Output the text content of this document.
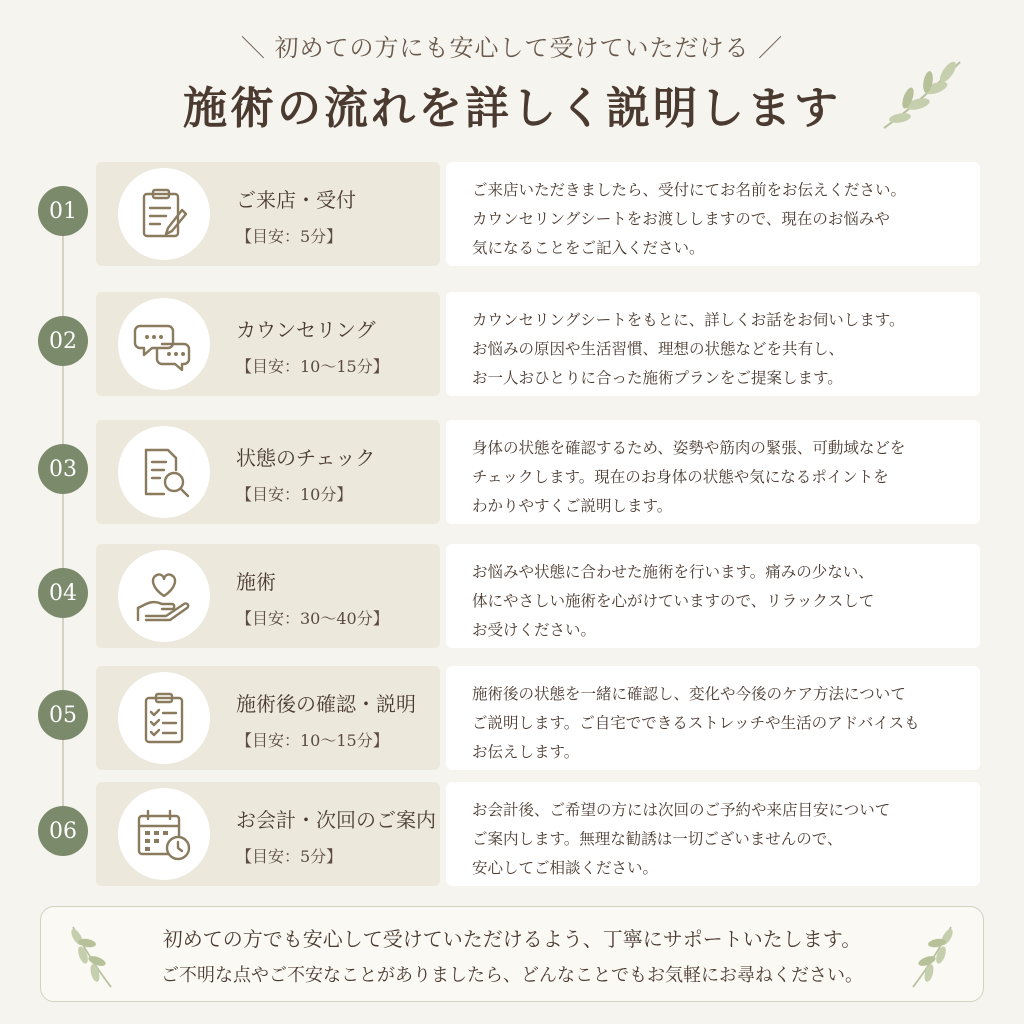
＼ 初めての方にも安心して受けていただける ／
施術の流れを詳しく説明します
01	ご来店・受付
【目安：5分】
ご来店いただきましたら、受付にてお名前をお伝えください。
カウンセリングシートをお渡ししますので、現在のお悩みや
気になることをご記入ください。
02	カウンセリング
【目安：10〜15分】
カウンセリングシートをもとに、詳しくお話をお伺いします。
お悩みの原因や生活習慣、理想の状態などを共有し、
お一人おひとりに合った施術プランをご提案します。
03	状態のチェック
【目安：10分】
身体の状態を確認するため、姿勢や筋肉の緊張、可動域などを
チェックします。現在のお身体の状態や気になるポイントを
わかりやすくご説明します。
04	施術
【目安：30〜40分】
お悩みや状態に合わせた施術を行います。痛みの少ない、
体にやさしい施術を心がけていますので、リラックスして
お受けください。
05	施術後の確認・説明
【目安：10〜15分】
施術後の状態を一緒に確認し、変化や今後のケア方法について
ご説明します。ご自宅でできるストレッチや生活のアドバイスも
お伝えします。
06	お会計・次回のご案内
【目安：5分】
お会計後、ご希望の方には次回のご予約や来店目安について
ご案内します。無理な勧誘は一切ございませんので、
安心してご相談ください。
初めての方でも安心して受けていただけるよう、丁寧にサポートいたします。
ご不明な点やご不安なことがありましたら、どんなことでもお気軽にお尋ねください。
